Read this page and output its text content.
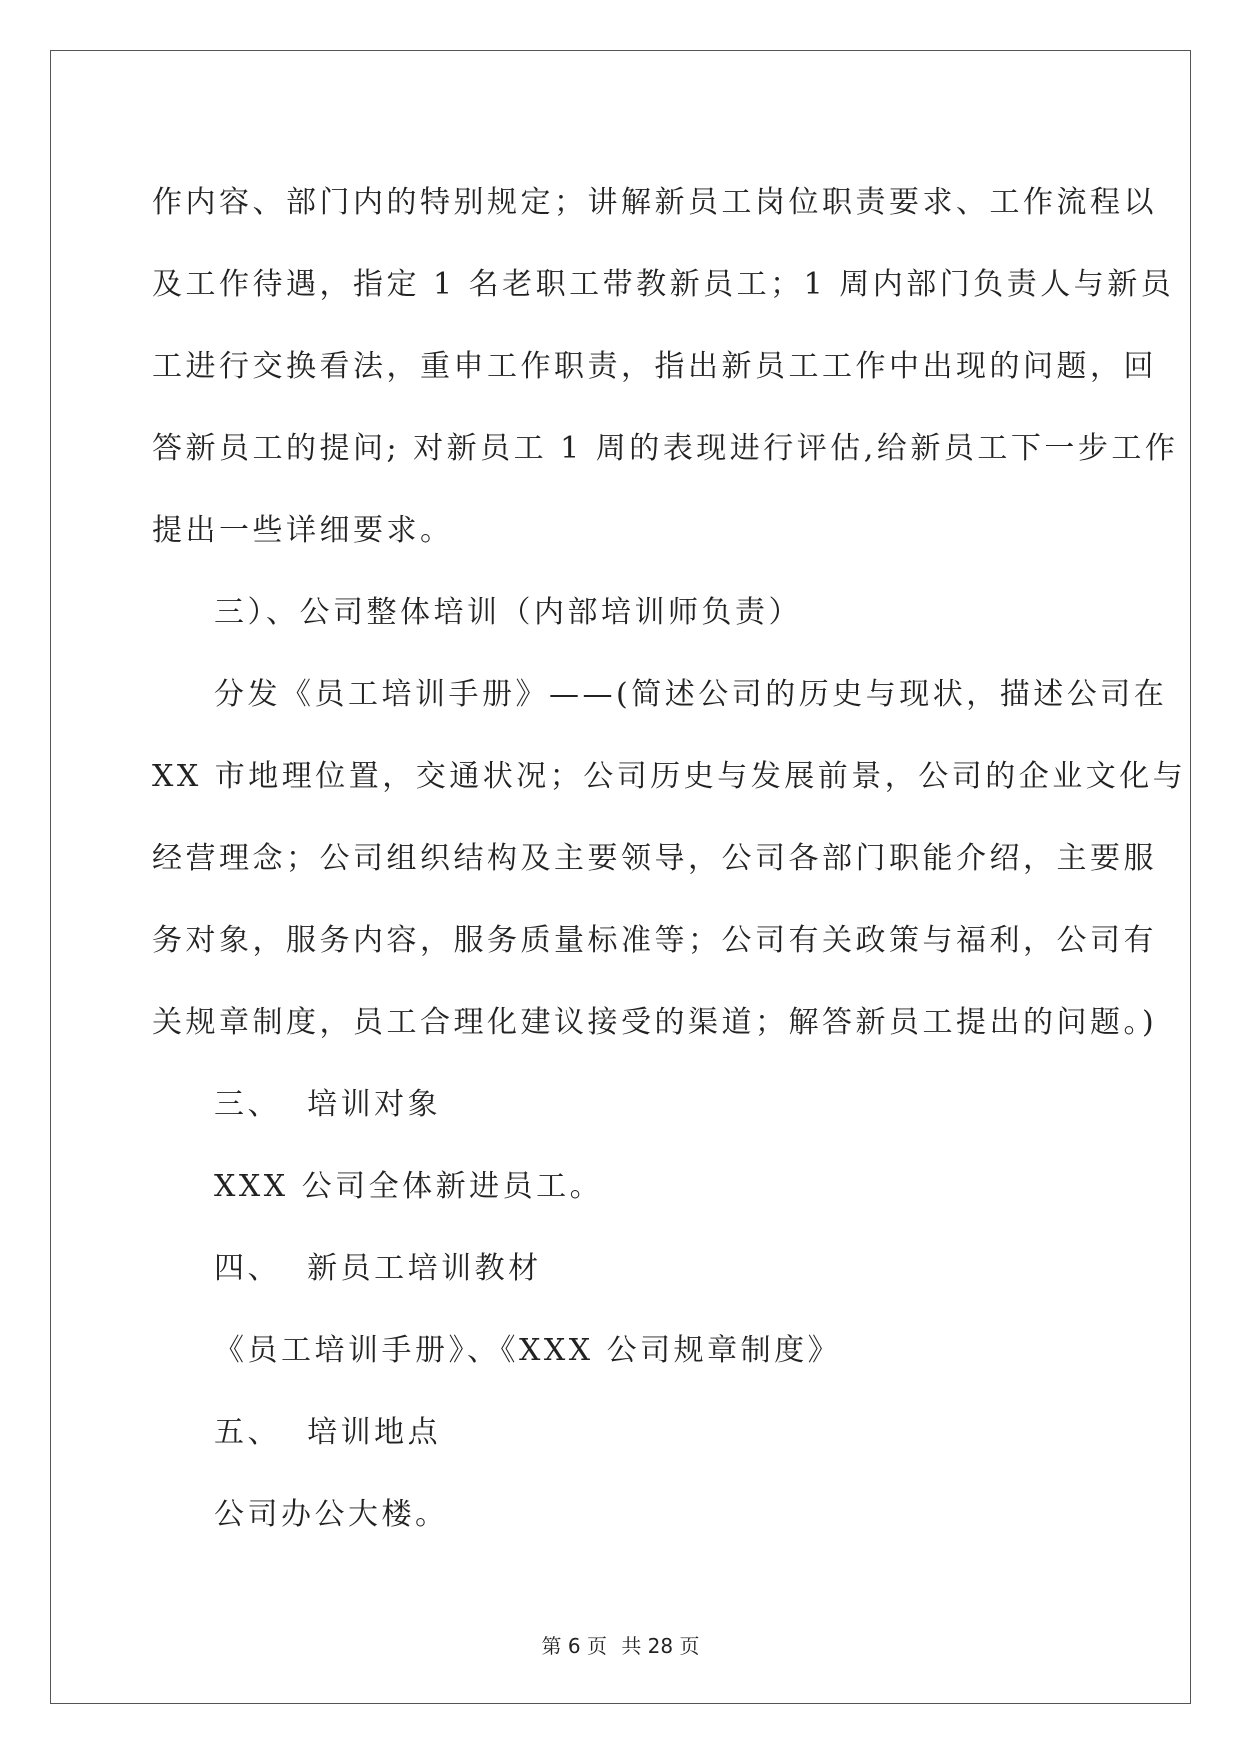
作内容、部门内的特别规定；讲解新员工岗位职责要求、工作流程以

及工作待遇，指定 1 名老职工带教新员工；1 周内部门负责人与新员

工进行交换看法，重申工作职责，指出新员工工作中出现的问题，回

答新员工的提问; 对新员工 1 周的表现进行评估,给新员工下一步工作

提出一些详细要求。

三）、公司整体培训（内部培训师负责）

分发《员工培训手册》——(简述公司的历史与现状，描述公司在

XX 市地理位置，交通状况；公司历史与发展前景，公司的企业文化与

经营理念；公司组织结构及主要领导，公司各部门职能介绍，主要服

务对象，服务内容，服务质量标准等；公司有关政策与福利，公司有

关规章制度，员工合理化建议接受的渠道；解答新员工提出的问题。)

三、  培训对象

XXX 公司全体新进员工。

四、  新员工培训教材

《员工培训手册》、《XXX 公司规章制度》

五、  培训地点

公司办公大楼。

第 6 页 共 28 页
